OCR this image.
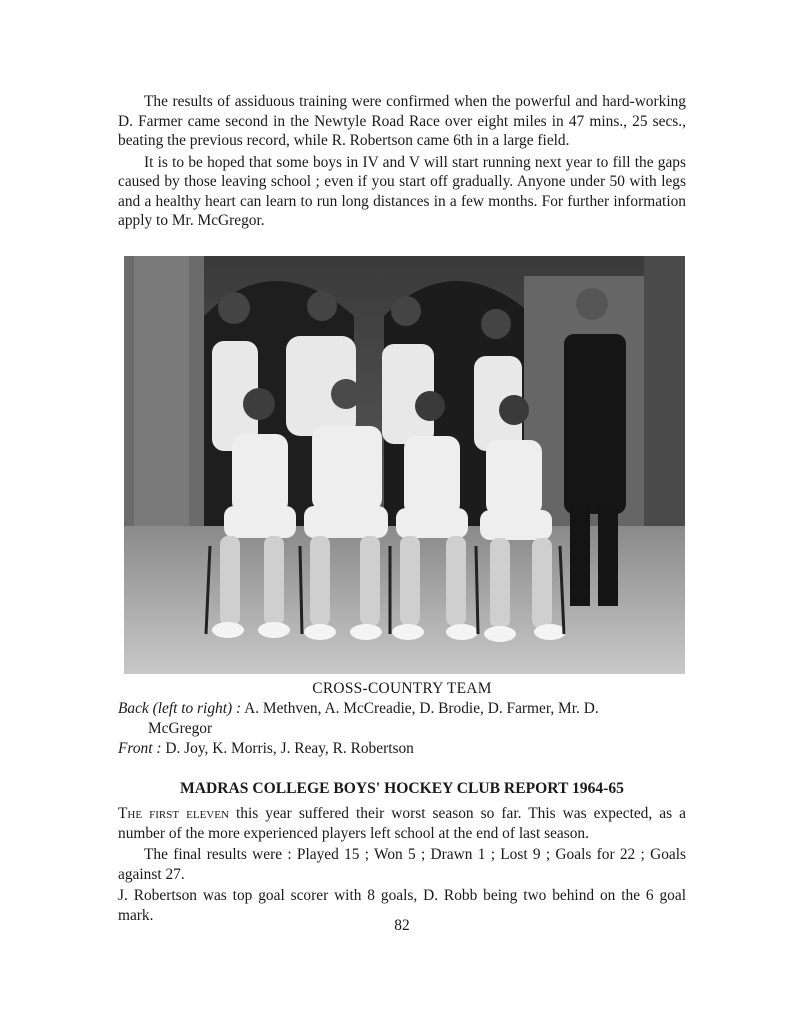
The results of assiduous training were confirmed when the powerful and hard-working D. Farmer came second in the Newtyle Road Race over eight miles in 47 mins., 25 secs., beating the previous record, while R. Robertson came 6th in a large field.

It is to be hoped that some boys in IV and V will start running next year to fill the gaps caused by those leaving school ; even if you start off gradually. Anyone under 50 with legs and a healthy heart can learn to run long distances in a few months. For further information apply to Mr. McGregor.

CROSS-COUNTRY TEAM
Back (left to right) : A. Methven, A. McCreadie, D. Brodie, D. Farmer, Mr. D.
McGregor
Front : D. Joy, K. Morris, J. Reay, R. Robertson
MADRAS COLLEGE BOYS' HOCKEY CLUB REPORT 1964-65

The first eleven this year suffered their worst season so far. This was expected, as a number of the more experienced players left school at the end of last season.

The final results were : Played 15 ; Won 5 ; Drawn 1 ; Lost 9 ; Goals for 22 ; Goals against 27.

J. Robertson was top goal scorer with 8 goals, D. Robb being two behind on the 6 goal mark.

82
